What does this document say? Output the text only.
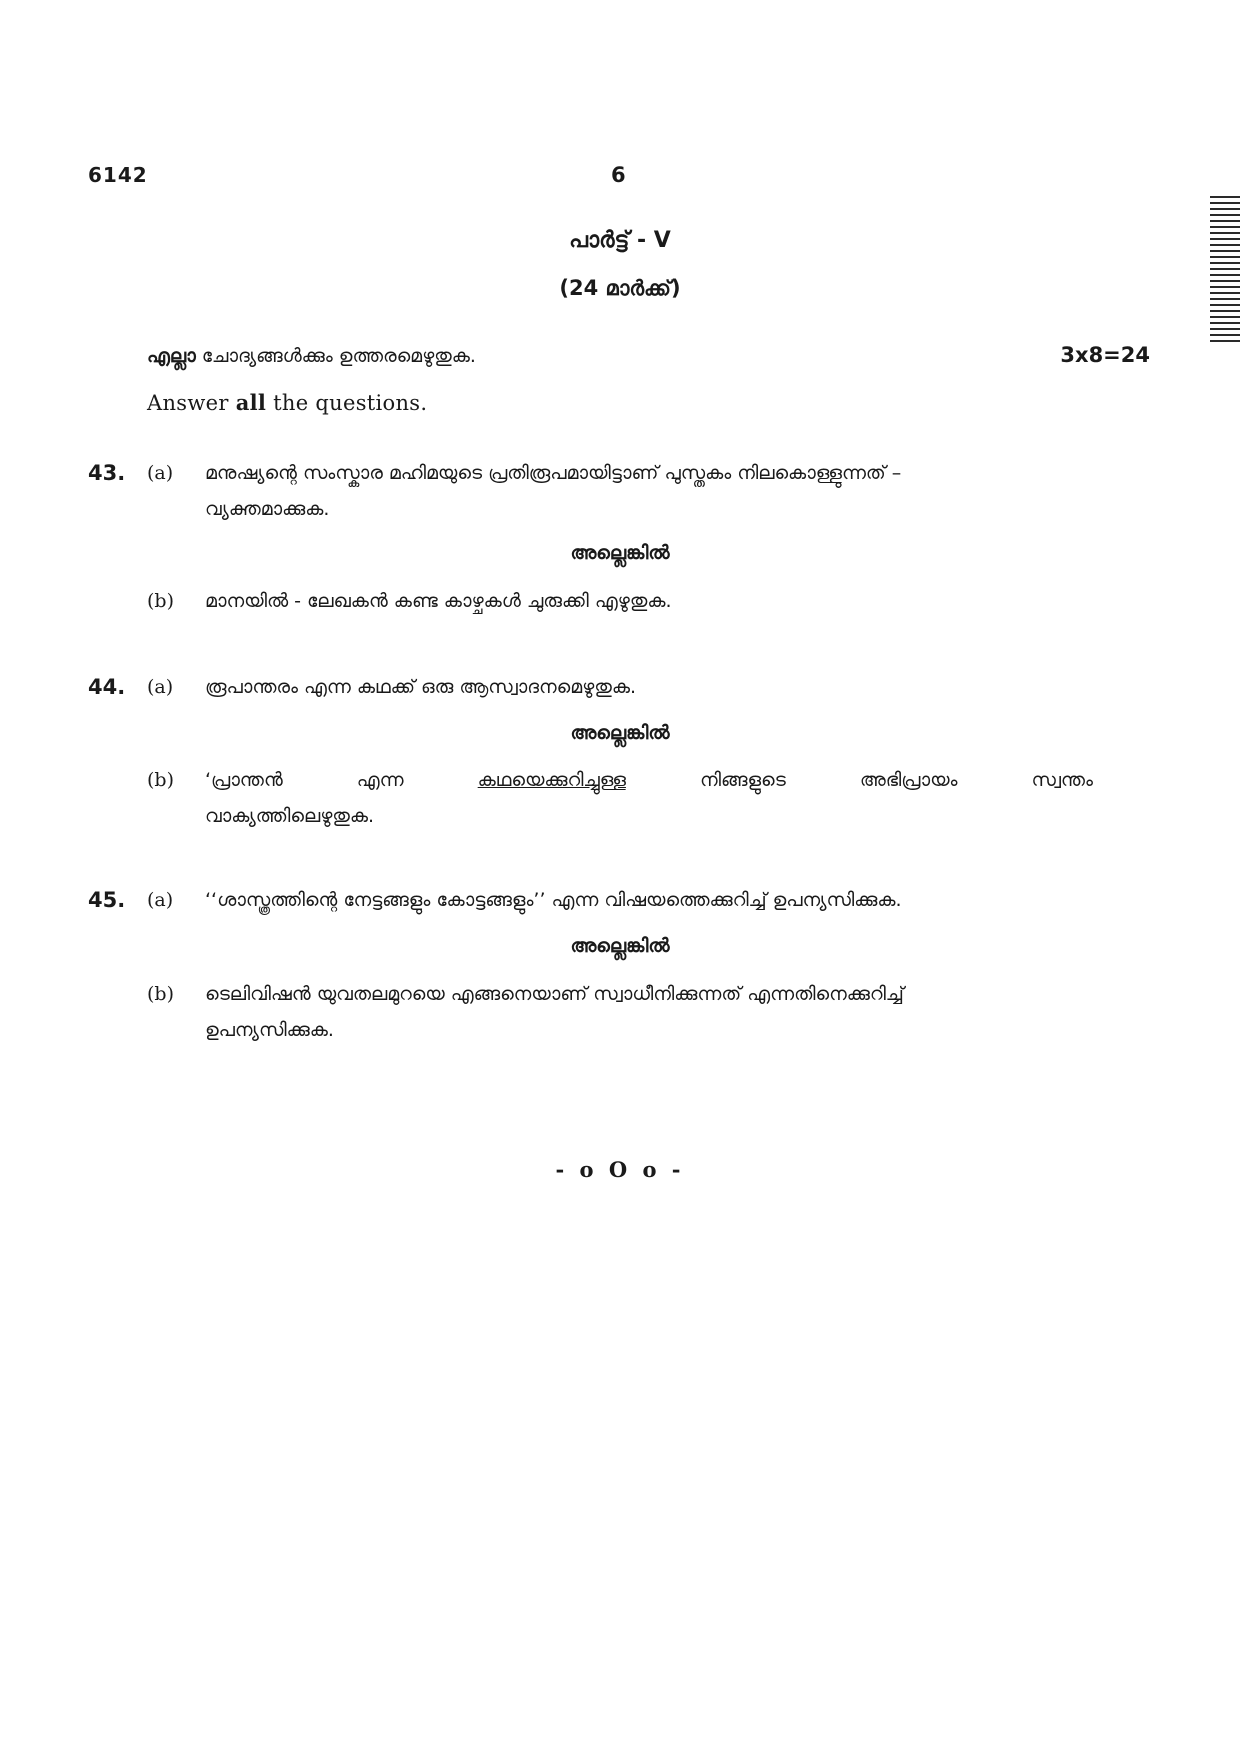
6142	6
പാർട്ട് - V
(24 മാർക്ക്)
എല്ലാ ചോദ്യങ്ങൾക്കും ഉത്തരമെഴുതുക.	3x8=24
Answer all the questions.
43. (a) മനുഷ്യന്റെ സംസ്കാര മഹിമയുടെ പ്രതിരൂപമായിട്ടാണ് പുസ്തകം നിലകൊള്ളുന്നത് –
വ്യക്തമാക്കുക.
അല്ലെങ്കിൽ
(b) മാനയിൽ - ലേഖകൻ കണ്ട കാഴ്ചകൾ ചുരുക്കി എഴുതുക.
44. (a) രൂപാന്തരം എന്ന കഥക്ക് ഒരു ആസ്വാദനമെഴുതുക.
അല്ലെങ്കിൽ
(b) ‘പ്രാന്തൻ	എന്ന	കഥയെക്കുറിച്ചുള്ള	നിങ്ങളുടെ	അഭിപ്രായം	സ്വന്തം
വാക്യത്തിലെഴുതുക.
45. (a) ‘‘ശാസ്ത്രത്തിന്റെ നേട്ടങ്ങളും കോട്ടങ്ങളും’’ എന്ന വിഷയത്തെക്കുറിച്ച് ഉപന്യസിക്കുക.
അല്ലെങ്കിൽ
(b) ടെലിവിഷൻ യുവതലമുറയെ എങ്ങനെയാണ് സ്വാധീനിക്കുന്നത് എന്നതിനെക്കുറിച്ച്
ഉപന്യസിക്കുക.
- o O o -
